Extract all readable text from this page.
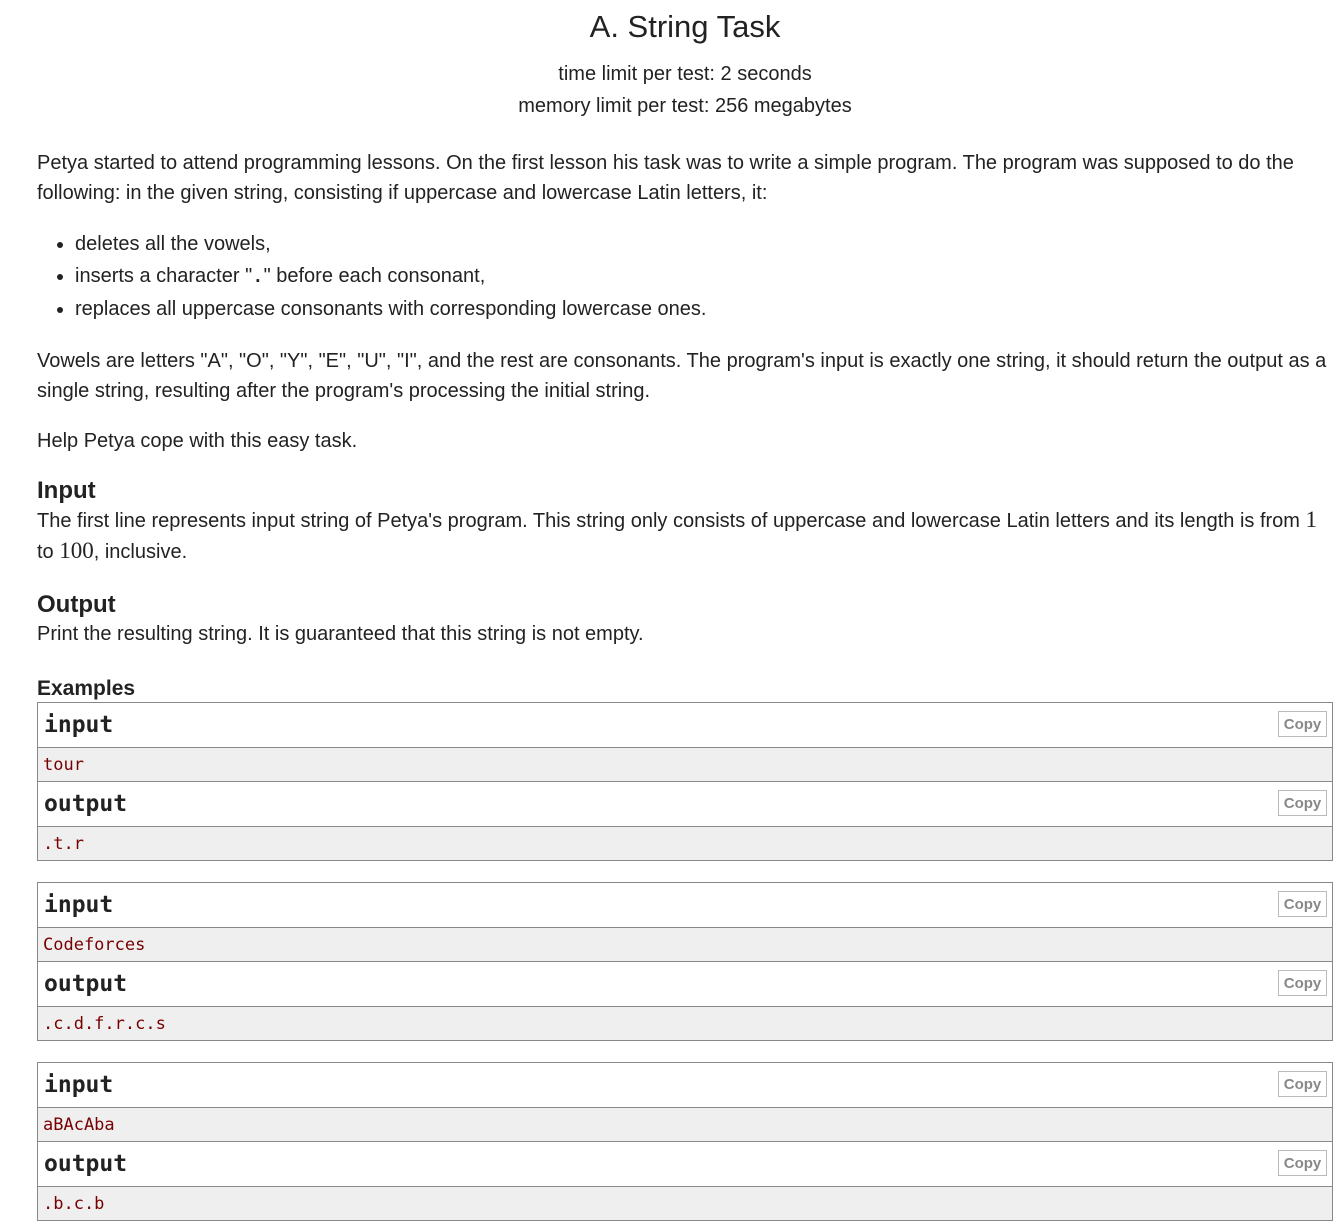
A. String Task
time limit per test: 2 seconds
memory limit per test: 256 megabytes

Petya started to attend programming lessons. On the first lesson his task was to write a simple program. The program was supposed to do the following: in the given string, consisting if uppercase and lowercase Latin letters, it:

• deletes all the vowels,
• inserts a character "." before each consonant,
• replaces all uppercase consonants with corresponding lowercase ones.

Vowels are letters "A", "O", "Y", "E", "U", "I", and the rest are consonants. The program's input is exactly one string, it should return the output as a single string, resulting after the program's processing the initial string.

Help Petya cope with this easy task.

Input

The first line represents input string of Petya's program. This string only consists of uppercase and lowercase Latin letters and its length is from 1 to 100, inclusive.

Output

Print the resulting string. It is guaranteed that this string is not empty.

Examples
input	Copy
tour
output	Copy
.t.r
input	Copy
Codeforces
output	Copy
.c.d.f.r.c.s
input	Copy
aBAcAba
output	Copy
.b.c.b
